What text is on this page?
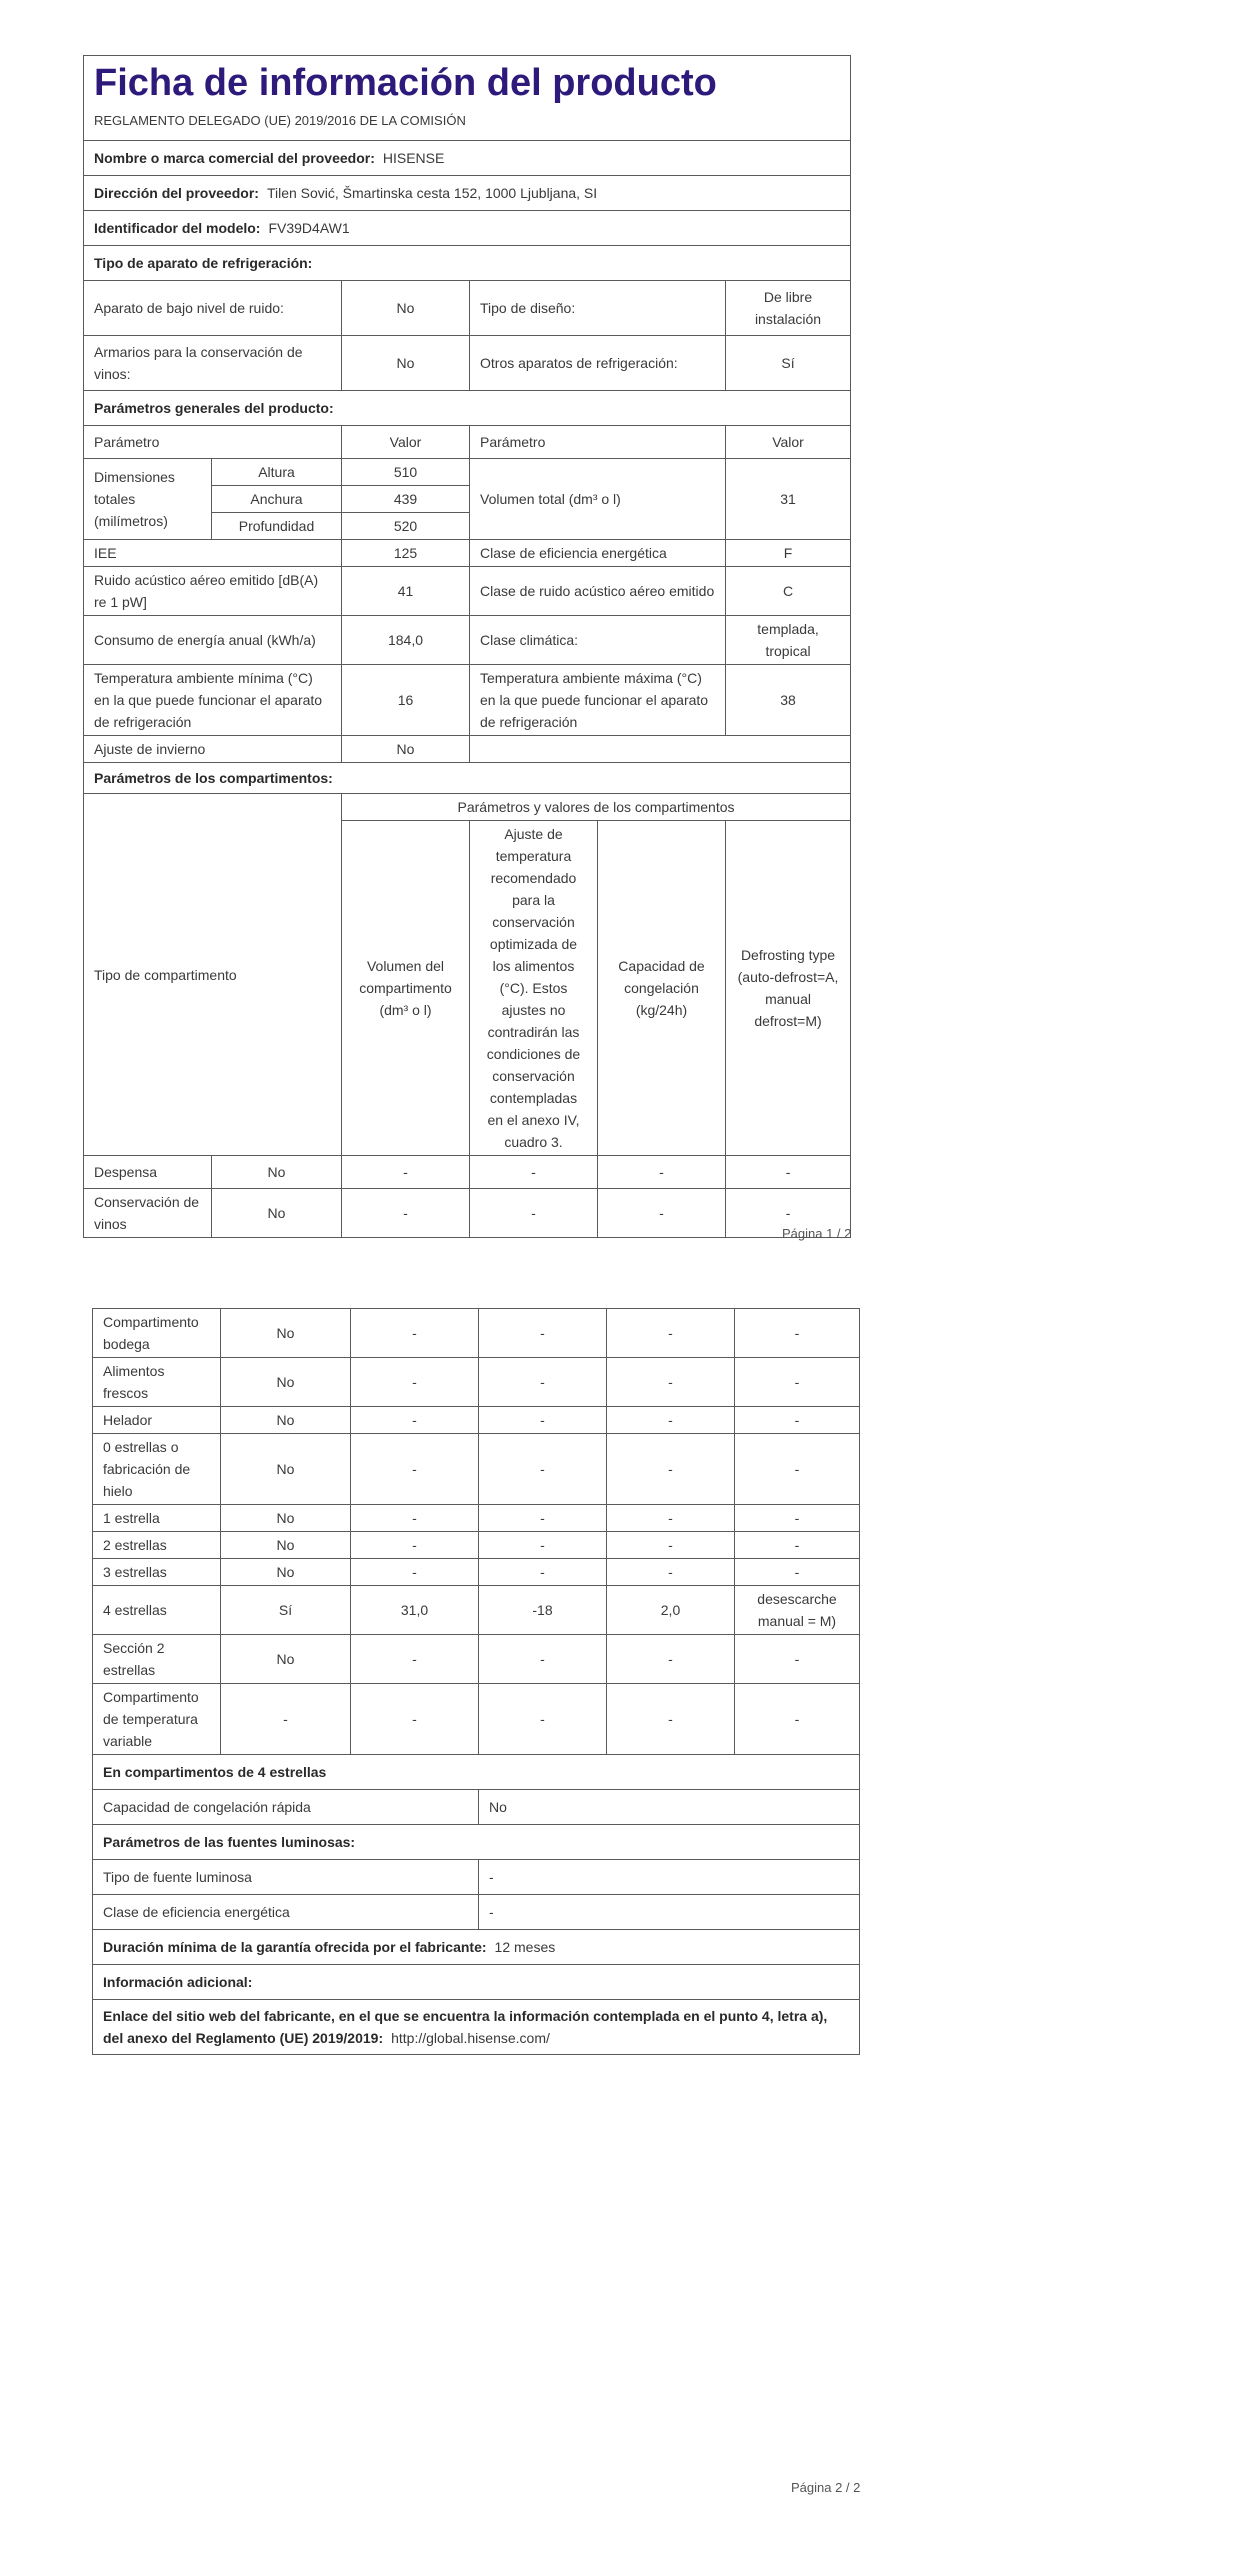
Ficha de información del producto					
REGLAMENTO DELEGADO (UE) 2019/2016 DE LA COMISIÓN					
Nombre o marca comercial del proveedor: HISENSE					
Dirección del proveedor: Tilen Sović, Šmartinska cesta 152, 1000 Ljubljana, SI					
Identificador del modelo: FV39D4AW1					
Tipo de aparato de refrigeración:					
Aparato de bajo nivel de ruido:		No	Tipo de diseño:		De libre instalación
Armarios para la conservación de vinos:		No	Otros aparatos de refrigeración:		Sí
Parámetros generales del producto:					
Parámetro		Valor	Parámetro		Valor
Dimensiones totales (milímetros)	Altura	510	Volumen total (dm³ o l)		31
	Anchura	439			
	Profundidad	520			
IEE		125	Clase de eficiencia energética		F
Ruido acústico aéreo emitido [dB(A) re 1 pW]		41	Clase de ruido acústico aéreo emitido		C
Consumo de energía anual (kWh/a)		184,0	Clase climática:		templada, tropical
Temperatura ambiente mínima (°C) en la que puede funcionar el aparato de refrigeración		16	Temperatura ambiente máxima (°C) en la que puede funcionar el aparato de refrigeración		38
Ajuste de invierno		No			
Parámetros de los compartimentos:					
Tipo de compartimento		Parámetros y valores de los compartimentos			
		Volumen del compartimento (dm³ o l)	Ajuste de temperatura recomendado para la conservación optimizada de los alimentos (°C). Estos ajustes no contradirán las condiciones de conservación contempladas en el anexo IV, cuadro 3.	Capacidad de congelación (kg/24h)	Defrosting type (auto-defrost=A, manual defrost=M)
Despensa	No	-	-	-	-
Conservación de vinos	No	-	-	-	-
Página 1 / 2
Compartimento bodega	No	-	-	-	-
Alimentos frescos	No	-	-	-	-
Helador	No	-	-	-	-
0 estrellas o fabricación de hielo	No	-	-	-	-
1 estrella	No	-	-	-	-
2 estrellas	No	-	-	-	-
3 estrellas	No	-	-	-	-
4 estrellas	Sí	31,0	-18	2,0	desescarche manual = M)
Sección 2 estrellas	No	-	-	-	-
Compartimento de temperatura variable	-	-	-	-	-
En compartimentos de 4 estrellas					
Capacidad de congelación rápida			No		
Parámetros de las fuentes luminosas:					
Tipo de fuente luminosa			-		
Clase de eficiencia energética			-		
Duración mínima de la garantía ofrecida por el fabricante: 12 meses					
Información adicional:					
Enlace del sitio web del fabricante, en el que se encuentra la información contemplada en el punto 4, letra a), del anexo del Reglamento (UE) 2019/2019: http://global.hisense.com/					
Página 2 / 2
